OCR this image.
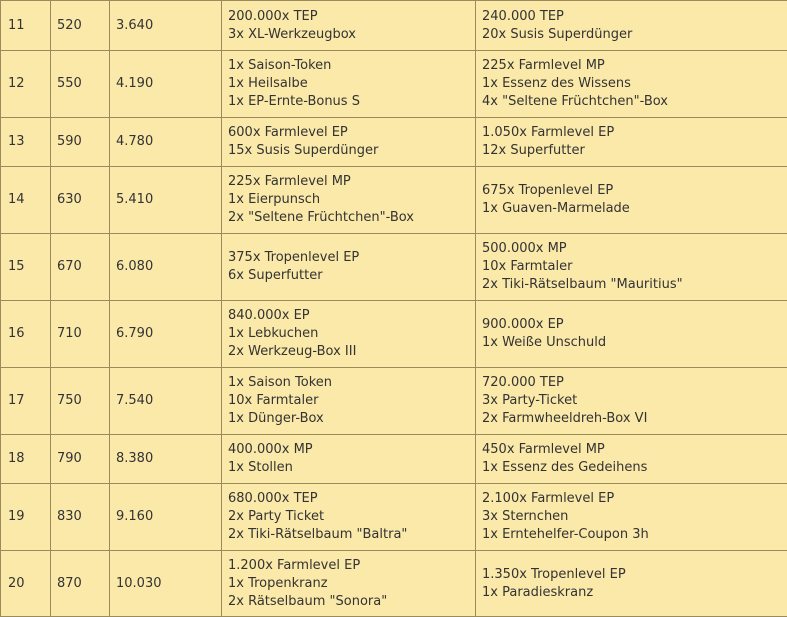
11	520	3.640	200.000x TEP
3x XL-Werkzeugbox	240.000 TEP
20x Susis Superdünger

12	550	4.190	1x Saison-Token
1x Heilsalbe
1x EP-Ernte-Bonus S	225x Farmlevel MP
1x Essenz des Wissens
4x "Seltene Früchtchen"-Box

13	590	4.780	600x Farmlevel EP
15x Susis Superdünger	1.050x Farmlevel EP
12x Superfutter

14	630	5.410	225x Farmlevel MP
1x Eierpunsch
2x "Seltene Früchtchen"-Box	675x Tropenlevel EP
1x Guaven-Marmelade

15	670	6.080	375x Tropenlevel EP
6x Superfutter	500.000x MP
10x Farmtaler
2x Tiki-Rätselbaum "Mauritius"

16	710	6.790	840.000x EP
1x Lebkuchen
2x Werkzeug-Box III	900.000x EP
1x Weiße Unschuld

17	750	7.540	1x Saison Token
10x Farmtaler
1x Dünger-Box	720.000 TEP
3x Party-Ticket
2x Farmwheeldreh-Box VI

18	790	8.380	400.000x MP
1x Stollen	450x Farmlevel MP
1x Essenz des Gedeihens

19	830	9.160	680.000x TEP
2x Party Ticket
2x Tiki-Rätselbaum "Baltra"	2.100x Farmlevel EP
3x Sternchen
1x Erntehelfer-Coupon 3h

20	870	10.030	1.200x Farmlevel EP
1x Tropenkranz
2x Rätselbaum "Sonora"	1.350x Tropenlevel EP
1x Paradieskranz
